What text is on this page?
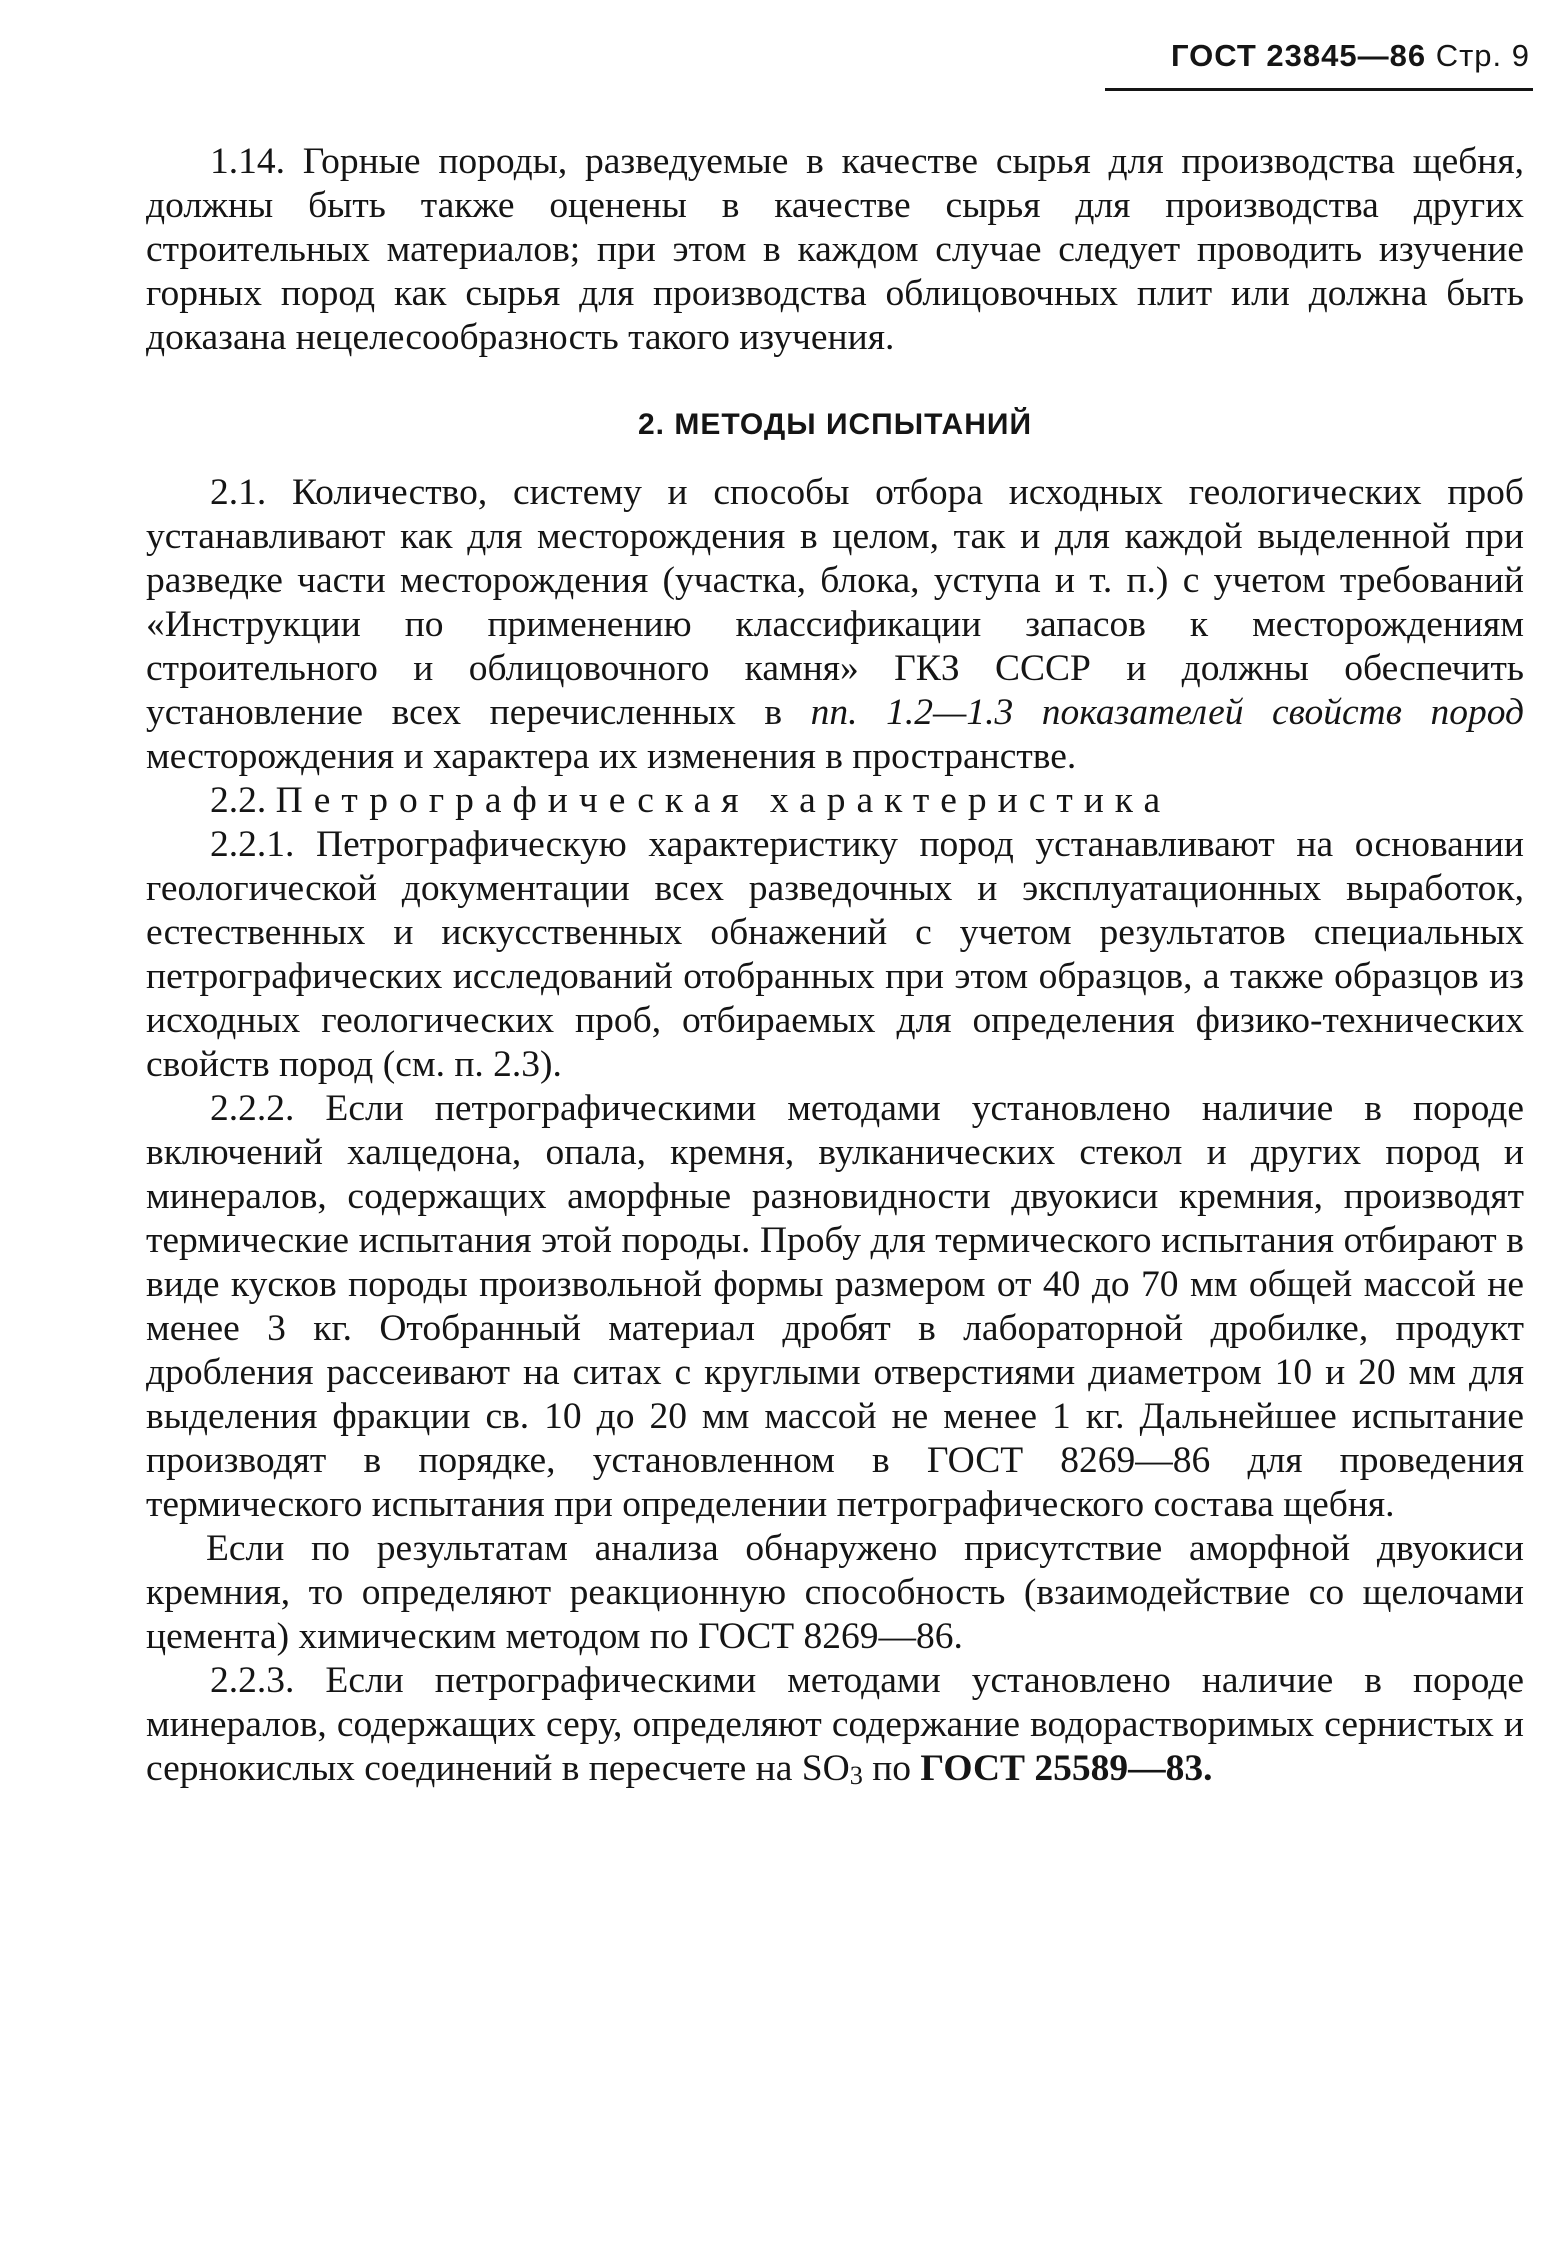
ГОСТ 23845—86 Стр. 9

1.14. Горные породы, разведуемые в качестве сырья для производства щебня, должны быть также оценены в качестве сырья для производства других строительных материалов; при этом в каждом случае следует проводить изучение горных пород как сырья для производства облицовочных плит или должна быть доказана нецелесообразность такого изучения.

2. МЕТОДЫ ИСПЫТАНИЙ

2.1. Количество, систему и способы отбора исходных геологических проб устанавливают как для месторождения в целом, так и для каждой выделенной при разведке части месторождения (участка, блока, уступа и т. п.) с учетом требований «Инструкции по применению классификации запасов к месторождениям строительного и облицовочного камня» ГКЗ СССР и должны обеспечить установление всех перечисленных в пп. 1.2—1.3 показателей свойств пород месторождения и характера их изменения в пространстве.

2.2. Петрографическая характеристика

2.2.1. Петрографическую характеристику пород устанавливают на основании геологической документации всех разведочных и эксплуатационных выработок, естественных и искусственных обнажений с учетом результатов специальных петрографических исследований отобранных при этом образцов, а также образцов из исходных геологических проб, отбираемых для определения физико-технических свойств пород (см. п. 2.3).

2.2.2. Если петрографическими методами установлено наличие в породе включений халцедона, опала, кремня, вулканических стекол и других пород и минералов, содержащих аморфные разновидности двуокиси кремния, производят термические испытания этой породы. Пробу для термического испытания отбирают в виде кусков породы произвольной формы размером от 40 до 70 мм общей массой не менее 3 кг. Отобранный материал дробят в лабораторной дробилке, продукт дробления рассеивают на ситах с круглыми отверстиями диаметром 10 и 20 мм для выделения фракции св. 10 до 20 мм массой не менее 1 кг. Дальнейшее испытание производят в порядке, установленном в ГОСТ 8269—86 для проведения термического испытания при определении петрографического состава щебня.

Если по результатам анализа обнаружено присутствие аморфной двуокиси кремния, то определяют реакционную способность (взаимодействие со щелочами цемента) химическим методом по ГОСТ 8269—86.

2.2.3. Если петрографическими методами установлено наличие в породе минералов, содержащих серу, определяют содержание водорастворимых сернистых и сернокислых соединений в пересчете на $SO_3$ по ГОСТ 25589—83.
